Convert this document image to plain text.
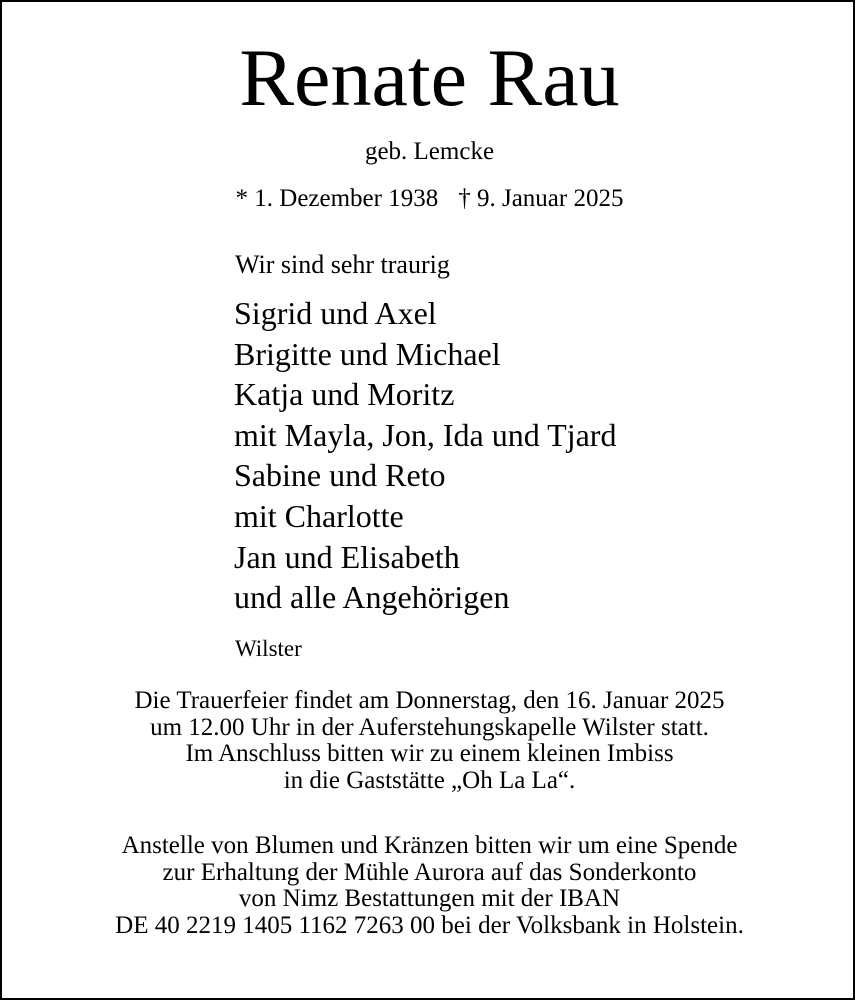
Renate Rau
geb. Lemcke
* 1. Dezember 1938 † 9. Januar 2025
Wir sind sehr traurig
Sigrid und Axel
Brigitte und Michael
Katja und Moritz
mit Mayla, Jon, Ida und Tjard
Sabine und Reto
mit Charlotte
Jan und Elisabeth
und alle Angehörigen
Wilster
Die Trauerfeier findet am Donnerstag, den 16. Januar 2025
um 12.00 Uhr in der Auferstehungskapelle Wilster statt.
Im Anschluss bitten wir zu einem kleinen Imbiss
in die Gaststätte „Oh La La“.
Anstelle von Blumen und Kränzen bitten wir um eine Spende
zur Erhaltung der Mühle Aurora auf das Sonderkonto
von Nimz Bestattungen mit der IBAN
DE 40 2219 1405 1162 7263 00 bei der Volksbank in Holstein.
